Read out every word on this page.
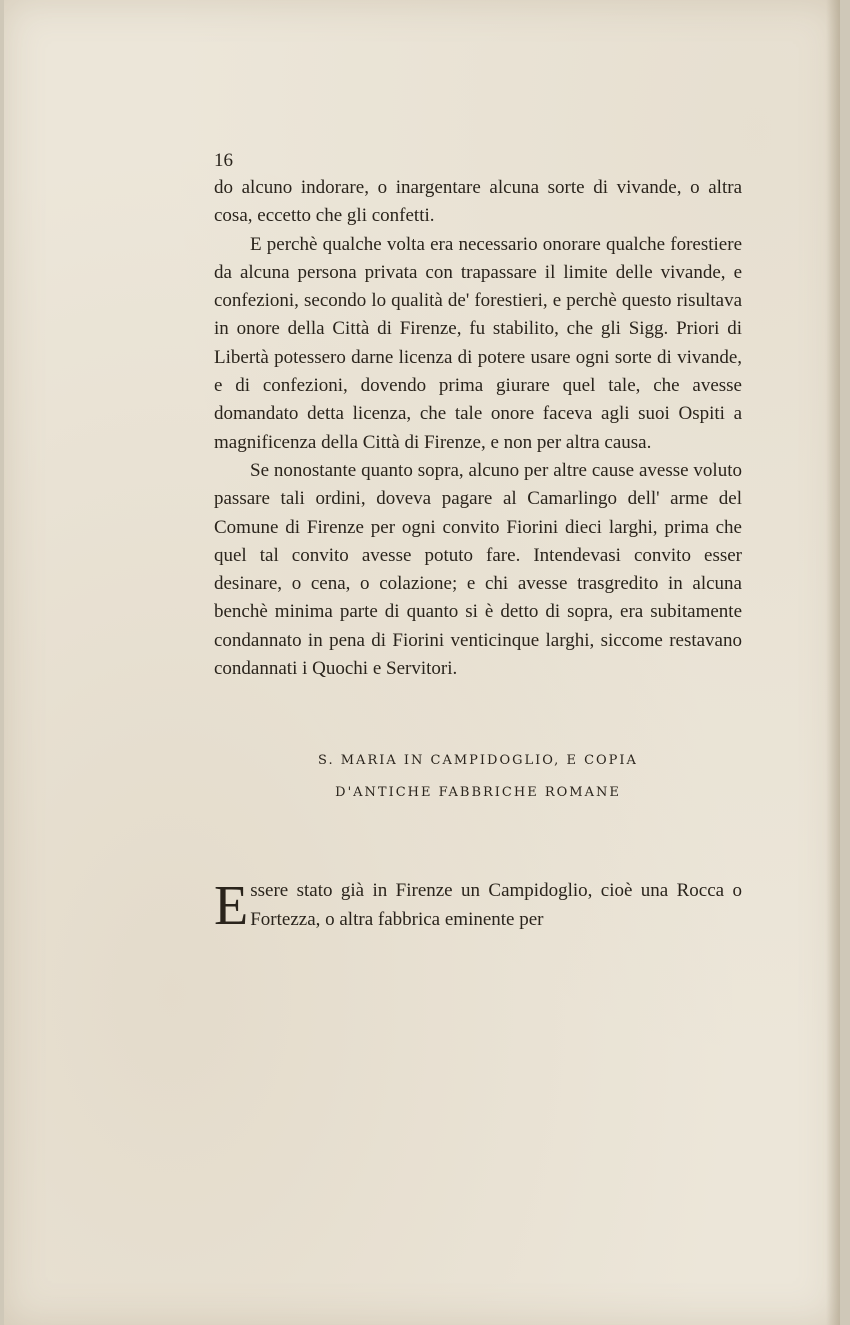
16

do alcuno indorare, o inargentare alcuna sorte di vivande, o altra cosa, eccetto che gli confetti.

E perchè qualche volta era necessario onorare qualche forestiere da alcuna persona privata con trapassare il limite delle vivande, e confezioni, secondo lo qualità de' forestieri, e perchè questo risultava in onore della Città di Firenze, fu stabilito, che gli Sigg. Priori di Libertà potessero darne licenza di potere usare ogni sorte di vivande, e di confezioni, dovendo prima giurare quel tale, che avesse domandato detta licenza, che tale onore faceva agli suoi Ospiti a magnificenza della Città di Firenze, e non per altra causa.

Se nonostante quanto sopra, alcuno per altre cause avesse voluto passare tali ordini, doveva pagare al Camarlingo dell' arme del Comune di Firenze per ogni convito Fiorini dieci larghi, prima che quel tal convito avesse potuto fare. Intendevasi convito esser desinare, o cena, o colazione; e chi avesse trasgredito in alcuna benchè minima parte di quanto si è detto di sopra, era subitamente condannato in pena di Fiorini venticinque larghi, siccome restavano condannati i Quochi e Servitori.

S. MARIA IN CAMPIDOGLIO, E COPIA
D'ANTICHE FABBRICHE ROMANE

Essere stato già in Firenze un Campidoglio, cioè una Rocca o Fortezza, o altra fabbrica eminente per
